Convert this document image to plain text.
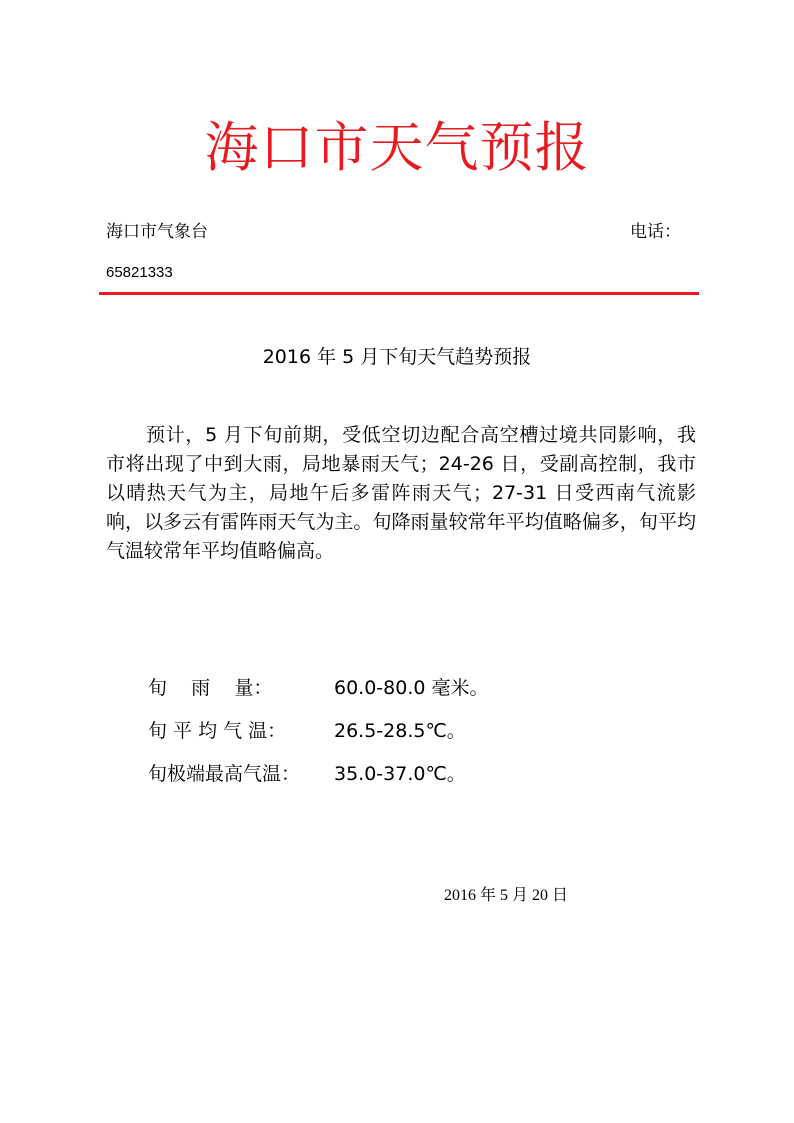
海口市天气预报
海口市气象台	电话：
65821333
2016 年 5 月下旬天气趋势预报
预计，5 月下旬前期，受低空切边配合高空槽过境共同影响，我市将出现了中到大雨，局地暴雨天气；24-26 日，受副高控制，我市以晴热天气为主，局地午后多雷阵雨天气；27-31 日受西南气流影响，以多云有雷阵雨天气为主。旬降雨量较常年平均值略偏多，旬平均气温较常年平均值略偏高。
旬    雨    量：	60.0-80.0 毫米。
旬 平 均 气 温：	26.5-28.5℃。
旬极端最高气温：	35.0-37.0℃。
2016 年 5 月 20 日
